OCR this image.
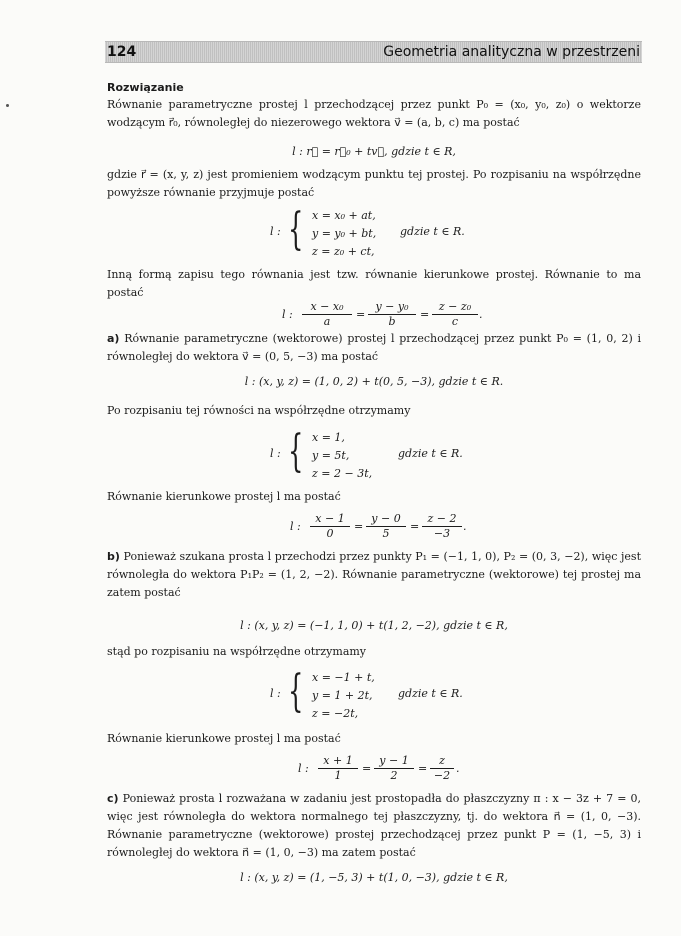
124	Geometria analityczna w przestrzeni
Rozwiązanie

Równanie parametryczne prostej l przechodzącej przez punkt P₀ = (x₀, y₀, z₀) o wektorze wodzącym r⃗₀, równoległej do niezerowego wektora v⃗ = (a, b, c) ma postać

l : r⃗ = r⃗₀ + tv⃗, gdzie t ∈ R,

gdzie r⃗ = (x, y, z) jest promieniem wodzącym punktu tej prostej. Po rozpisaniu na współrzędne powyższe równanie przyjmuje postać

l : { x = x₀ + at,
y = y₀ + bt,
z = z₀ + ct,
gdzie t ∈ R.

Inną formą zapisu tego równania jest tzw. równanie kierunkowe prostej. Równanie to ma postać

l :
x − x₀
a
=
y − y₀
b
=
z − z₀
c
.

a) Równanie parametryczne (wektorowe) prostej l przechodzącej przez punkt P₀ = (1, 0, 2) i równoległej do wektora v⃗ = (0, 5, −3) ma postać

l : (x, y, z) = (1, 0, 2) + t(0, 5, −3), gdzie t ∈ R.

Po rozpisaniu tej równości na współrzędne otrzymamy

l : { x = 1,
y = 5t,
z = 2 − 3t,
gdzie t ∈ R.

Równanie kierunkowe prostej l ma postać

l :
x − 1
0
=
y − 0
5
=
z − 2
−3
.

b) Ponieważ szukana prosta l przechodzi przez punkty P₁ = (−1, 1, 0), P₂ = (0, 3, −2), więc jest równoległa do wektora P₁P₂ = (1, 2, −2). Równanie parametryczne (wektorowe) tej prostej ma zatem postać

l : (x, y, z) = (−1, 1, 0) + t(1, 2, −2), gdzie t ∈ R,

stąd po rozpisaniu na współrzędne otrzymamy

l : { x = −1 + t,
y = 1 + 2t,
z = −2t,
gdzie t ∈ R.

Równanie kierunkowe prostej l ma postać

l :
x + 1
1
=
y − 1
2
=
z
−2
.

c) Ponieważ prosta l rozważana w zadaniu jest prostopadła do płaszczyzny π : x − 3z + 7 = 0, więc jest równoległa do wektora normalnego tej płaszczyzny, tj. do wektora n⃗ = (1, 0, −3). Równanie parametryczne (wektorowe) prostej przechodzącej przez punkt P = (1, −5, 3) i równoległej do wektora n⃗ = (1, 0, −3) ma zatem postać

l : (x, y, z) = (1, −5, 3) + t(1, 0, −3), gdzie t ∈ R,
